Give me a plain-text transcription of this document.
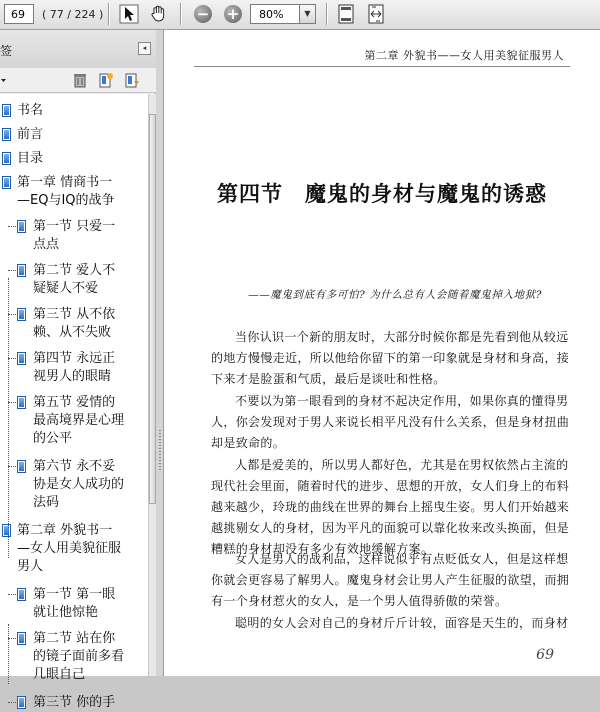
69	( 77 / 224 )	− +	80%	▼
签	◂
书名
前言
目录
第一章 情商书一
—EQ与IQ的战争
第一节 只爱一
点点
第二节 爱人不
疑疑人不爱
第三节 从不依
赖、从不失败
第四节 永远正
视男人的眼睛
第五节 爱情的
最高境界是心理
的公平
第六节 永不妥
协是女人成功的
法码
第二章 外貌书一
—女人用美貌征服
男人
第一节 第一眼
就让他惊艳
第二节 站在你
的镜子面前多看
几眼自己
第三节 你的手
第二章 外貌书——女人用美貌征服男人
第四节　魔鬼的身材与魔鬼的诱惑
——魔鬼到底有多可怕? 为什么总有人会随着魔鬼掉入地狱?
当你认识一个新的朋友时，大部分时候你都是先看到他从较远
的地方慢慢走近，所以他给你留下的第一印象就是身材和身高，接
下来才是脸蛋和气质，最后是谈吐和性格。
不要以为第一眼看到的身材不起决定作用，如果你真的懂得男
人，你会发现对于男人来说长相平凡没有什么关系，但是身材扭曲
却是致命的。
人都是爱美的，所以男人都好色，尤其是在男权依然占主流的
现代社会里面，随着时代的进步、思想的开放，女人们身上的布料
越来越少，玲珑的曲线在世界的舞台上摇曳生姿。男人们开始越来
越挑剔女人的身材，因为平凡的面貌可以靠化妆来改头换面，但是
糟糕的身材却没有多少有效地缓解方案。
女人是男人的战利品，这样说似乎有点贬低女人，但是这样想
你就会更容易了解男人。魔鬼身材会让男人产生征服的欲望，而拥
有一个身材惹火的女人，是一个男人值得骄傲的荣誉。
聪明的女人会对自己的身材斤斤计较，面容是天生的，而身材
69
